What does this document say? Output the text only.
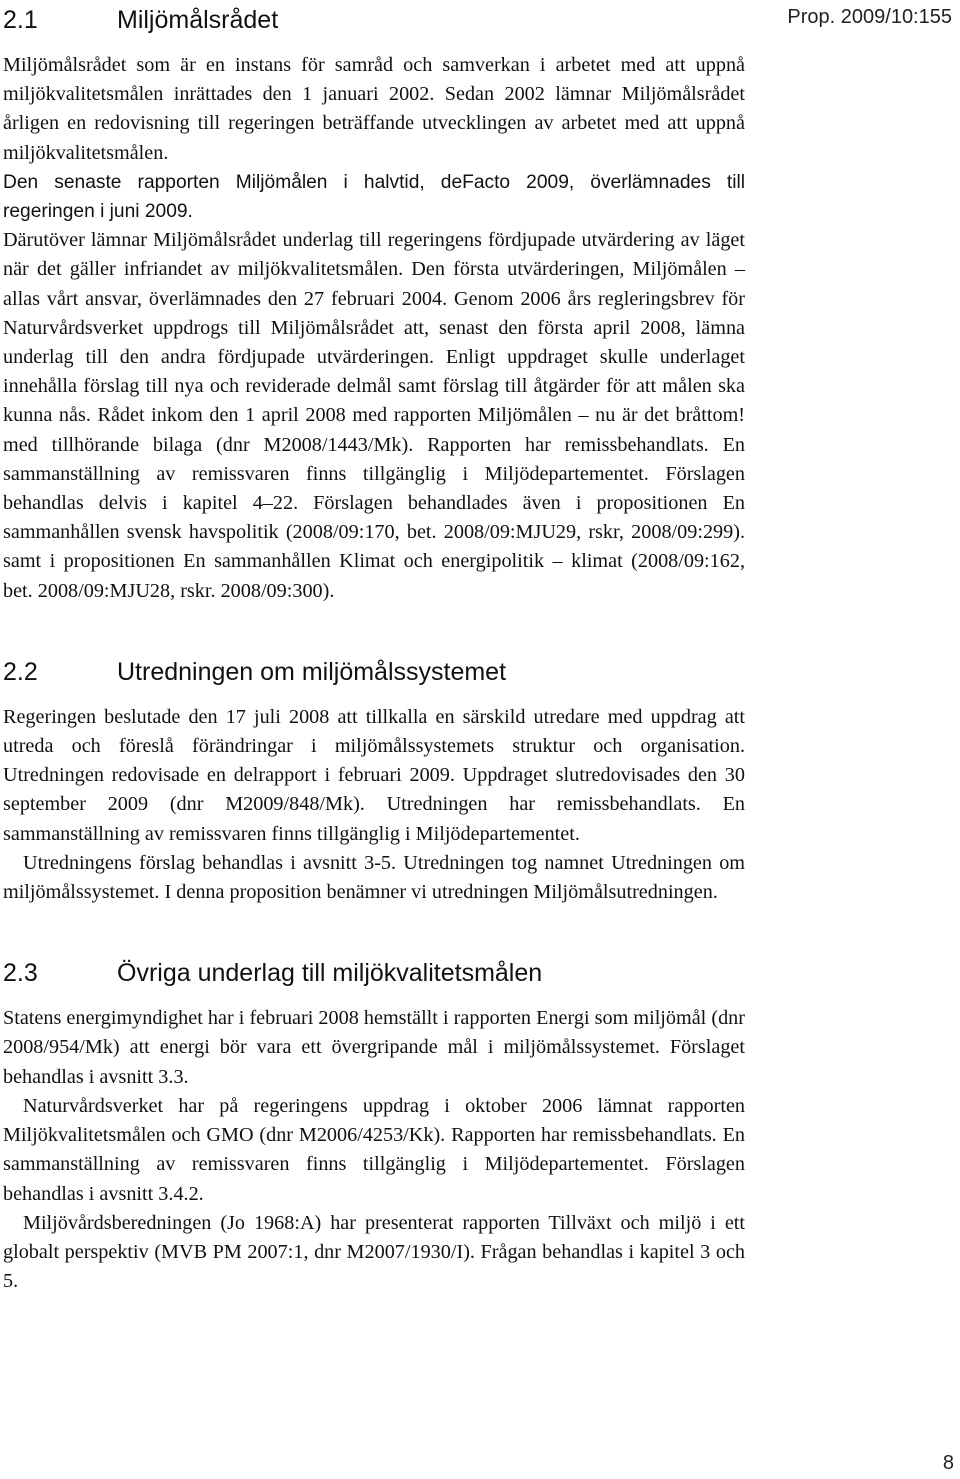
Prop. 2009/10:155
2.1	Miljömålsrådet

Miljömålsrådet som är en instans för samråd och samverkan i arbetet med att uppnå miljökvalitetsmålen inrättades den 1 januari 2002. Sedan 2002 lämnar Miljömålsrådet årligen en redovisning till regeringen beträffande utvecklingen av arbetet med att uppnå miljökvalitetsmålen.

Den senaste rapporten Miljömålen i halvtid, deFacto 2009, överlämnades till regeringen i juni 2009.

Därutöver lämnar Miljömålsrådet underlag till regeringens fördjupade utvärdering av läget när det gäller infriandet av miljökvalitetsmålen. Den första utvärderingen, Miljömålen – allas vårt ansvar, överlämnades den 27 februari 2004. Genom 2006 års regleringsbrev för Naturvårdsverket uppdrogs till Miljömålsrådet att, senast den första april 2008, lämna underlag till den andra fördjupade utvärderingen. Enligt uppdraget skulle underlaget innehålla förslag till nya och reviderade delmål samt förslag till åtgärder för att målen ska kunna nås. Rådet inkom den 1 april 2008 med rapporten Miljömålen – nu är det bråttom! med tillhörande bilaga (dnr M2008/1443/Mk). Rapporten har remissbehandlats. En sammanställning av remissvaren finns tillgänglig i Miljödepartementet. Förslagen behandlas delvis i kapitel 4–22. Förslagen behandlades även i propositionen En sammanhållen svensk havspolitik (2008/09:170, bet. 2008/09:MJU29, rskr, 2008/09:299). samt i propositionen En sammanhållen Klimat och energipolitik – klimat (2008/09:162, bet. 2008/09:MJU28, rskr. 2008/09:300).

2.2	Utredningen om miljömålssystemet

Regeringen beslutade den 17 juli 2008 att tillkalla en särskild utredare med uppdrag att utreda och föreslå förändringar i miljömålssystemets struktur och organisation. Utredningen redovisade en delrapport i februari 2009. Uppdraget slutredovisades den 30 september 2009 (dnr M2009/848/Mk). Utredningen har remissbehandlats. En sammanställning av remissvaren finns tillgänglig i Miljödepartementet.

Utredningens förslag behandlas i avsnitt 3-5. Utredningen tog namnet Utredningen om miljömålssystemet. I denna proposition benämner vi utredningen Miljömålsutredningen.

2.3	Övriga underlag till miljökvalitetsmålen

Statens energimyndighet har i februari 2008 hemställt i rapporten Energi som miljömål (dnr 2008/954/Mk) att energi bör vara ett övergripande mål i miljömålssystemet. Förslaget behandlas i avsnitt 3.3.

Naturvårdsverket har på regeringens uppdrag i oktober 2006 lämnat rapporten Miljökvalitetsmålen och GMO (dnr M2006/4253/Kk). Rapporten har remissbehandlats. En sammanställning av remissvaren finns tillgänglig i Miljödepartementet. Förslagen behandlas i avsnitt 3.4.2.

Miljövårdsberedningen (Jo 1968:A) har presenterat rapporten Tillväxt och miljö i ett globalt perspektiv (MVB PM 2007:1, dnr M2007/1930/I). Frågan behandlas i kapitel 3 och 5.

8
